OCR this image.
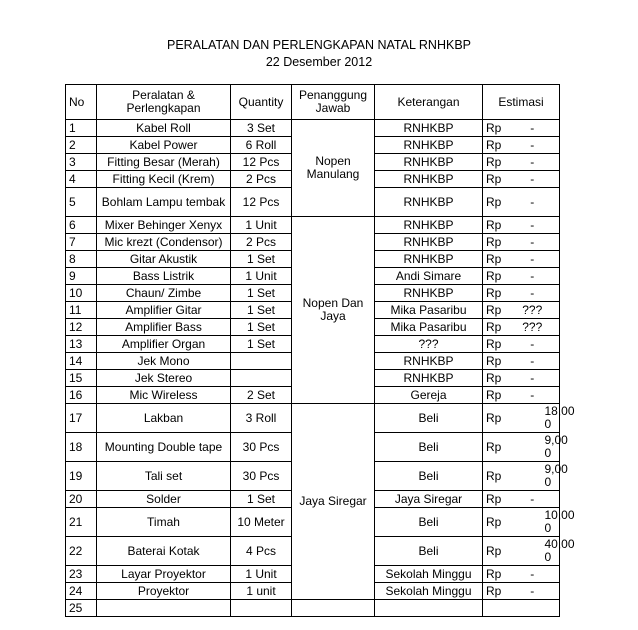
PERALATAN DAN PERLENGKAPAN NATAL RNHKBP
22 Desember 2012
No	Peralatan & Perlengkapan	Quantity	Penanggung Jawab	Keterangan	Estimasi	
1	Kabel Roll	3 Set	Nopen Manulang	RNHKBP	Rp	-
2	Kabel Power	6 Roll		RNHKBP	Rp	-
3	Fitting Besar (Merah)	12 Pcs		RNHKBP	Rp	-
4	Fitting Kecil (Krem)	2 Pcs		RNHKBP	Rp	-
5	Bohlam Lampu tembak	12 Pcs		RNHKBP	Rp	-
6	Mixer Behinger Xenyx	1 Unit	Nopen Dan Jaya	RNHKBP	Rp	-
7	Mic krezt (Condensor)	2 Pcs		RNHKBP	Rp	-
8	Gitar Akustik	1 Set		RNHKBP	Rp	-
9	Bass Listrik	1 Unit		Andi Simare	Rp	-
10	Chaun/ Zimbe	1 Set		RNHKBP	Rp	-
11	Amplifier Gitar	1 Set		Mika Pasaribu	Rp	???
12	Amplifier Bass	1 Set		Mika Pasaribu	Rp	???
13	Amplifier Organ	1 Set		???	Rp	-
14	Jek Mono			RNHKBP	Rp	-
15	Jek Stereo			RNHKBP	Rp	-
16	Mic Wireless	2 Set		Gereja	Rp	-
17	Lakban	3 Roll	Jaya Siregar	Beli	Rp	18,00
0

18	Mounting Double tape	30 Pcs		Beli	Rp	9,00
0

19	Tali set	30 Pcs		Beli	Rp	9,00
0

20	Solder	1 Set		Jaya Siregar	Rp	-
21	Timah	10 Meter		Beli	Rp	10,00
0

22	Baterai Kotak	4 Pcs		Beli	Rp	40,00
0

23	Layar Proyektor	1 Unit		Sekolah Minggu	Rp	-
24	Proyektor	1 unit		Sekolah Minggu	Rp	-
25						
